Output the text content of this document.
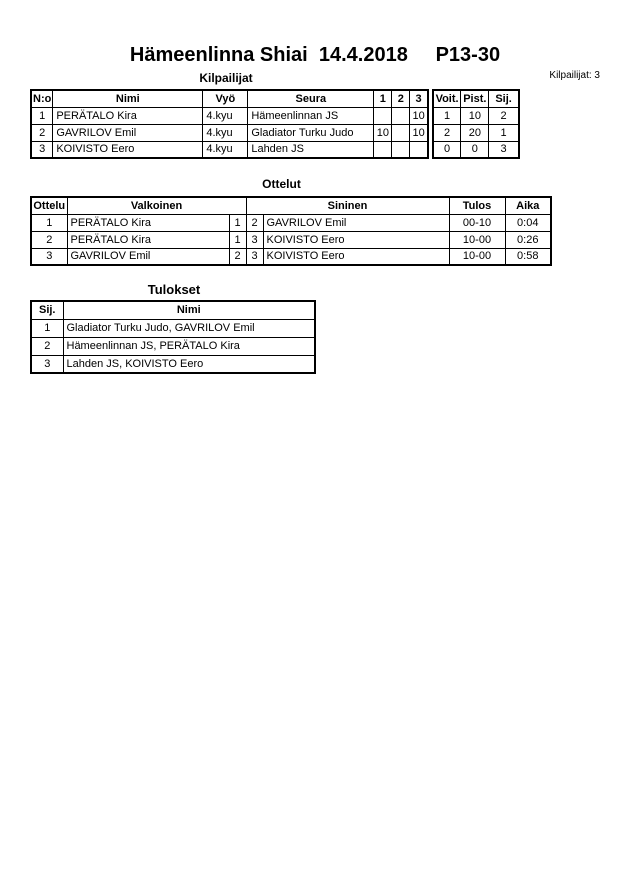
Hämeenlinna Shiai  14.4.2018     P13-30
Kilpailijat: 3
Kilpailijat
N:o	Nimi	Vyö	Seura	1	2	3
1	PERÄTALO Kira	4.kyu	Hämeenlinnan JS			10
2	GAVRILOV Emil	4.kyu	Gladiator Turku Judo	10		10
3	KOIVISTO Eero	4.kyu	Lahden JS			
Voit.	Pist.	Sij.
1	10	2
2	20	1
0	0	3
Ottelut
Ottelu	Valkoinen		Sininen		Tulos	Aika
1	PERÄTALO Kira	1	2	GAVRILOV Emil	00-10	0:04
2	PERÄTALO Kira	1	3	KOIVISTO Eero	10-00	0:26
3	GAVRILOV Emil	2	3	KOIVISTO Eero	10-00	0:58
Tulokset
Sij.	Nimi
1	Gladiator Turku Judo, GAVRILOV Emil
2	Hämeenlinnan JS, PERÄTALO Kira
3	Lahden JS, KOIVISTO Eero
